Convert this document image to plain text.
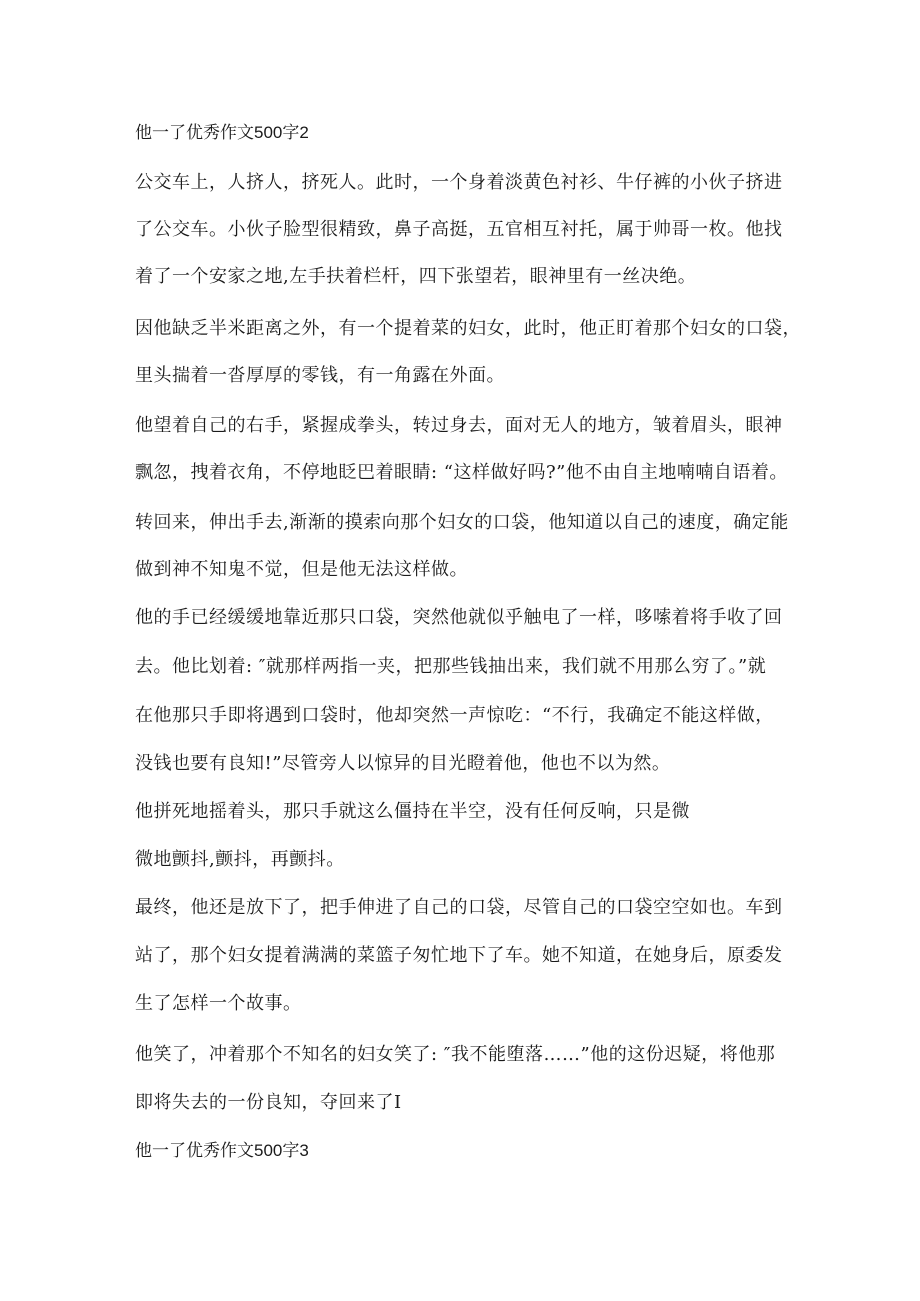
他一了优秀作文500字2
公交车上，人挤人，挤死人。此时，一个身着淡黄色衬衫、牛仔裤的小伙子挤进
了公交车。小伙子脸型很精致，鼻子高挺，五官相互衬托，属于帅哥一枚。他找
着了一个安家之地,左手扶着栏杆，四下张望若，眼神里有一丝决绝。
因他缺乏半米距离之外，有一个提着菜的妇女，此时，他正盯着那个妇女的口袋，
里头揣着一沓厚厚的零钱，有一角露在外面。
他望着自己的右手，紧握成拳头，转过身去，面对无人的地方，皱着眉头，眼神
飘忽，拽着衣角，不停地眨巴着眼睛: “这样做好吗?”他不由自主地喃喃自语着。
转回来，伸出手去,渐渐的摸索向那个妇女的口袋，他知道以自己的速度，确定能
做到神不知鬼不觉，但是他无法这样做。
他的手已经缓缓地靠近那只口袋，突然他就似乎触电了一样，哆嗦着将手收了回
去。他比划着: ″就那样两指一夹，把那些钱抽出来，我们就不用那么穷了。”就
在他那只手即将遇到口袋时，他却突然一声惊吃：“不行，我确定不能这样做，
没钱也要有良知!”尽管旁人以惊异的目光瞪着他，他也不以为然。
他拼死地摇着头，那只手就这么僵持在半空，没有任何反响，只是微
微地颤抖,颤抖，再颤抖。
最终，他还是放下了，把手伸进了自己的口袋，尽管自己的口袋空空如也。车到
站了，那个妇女提着满满的菜篮子匆忙地下了车。她不知道，在她身后，原委发
生了怎样一个故事。
他笑了，冲着那个不知名的妇女笑了: ″我不能堕落……”他的这份迟疑，将他那
即将失去的一份良知，夺回来了I
他一了优秀作文500字3
